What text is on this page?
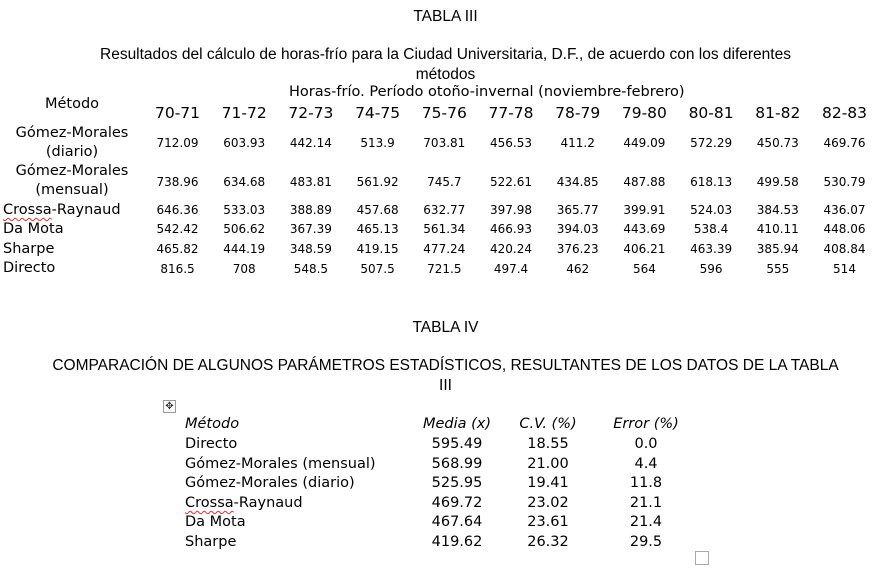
TABLA III
Resultados del cálculo de horas-frío para la Ciudad Universitaria, D.F., de acuerdo con los diferentes
métodos
Horas-frío. Período otoño-invernal (noviembre-febrero)
Método	70-71	71-72	72-73	74-75	75-76	77-78	78-79	79-80	80-81	81-82	82-83
Gómez-Morales
(diario)
712.09	603.93	442.14	513.9	703.81	456.53	411.2	449.09	572.29	450.73	469.76
Gómez-Morales
(mensual)	738.96	634.68	483.81	561.92	745.7	522.61	434.85	487.88	618.13	499.58	530.79
Crossa-Raynaud	646.36	533.03	388.89	457.68	632.77	397.98	365.77	399.91	524.03	384.53	436.07
Da Mota	542.42	506.62	367.39	465.13	561.34	466.93	394.03	443.69	538.4	410.11	448.06
Sharpe	465.82	444.19	348.59	419.15	477.24	420.24	376.23	406.21	463.39	385.94	408.84
Directo	816.5	708	548.5	507.5	721.5	497.4	462	564	596	555	514
TABLA IV
COMPARACIÓN DE ALGUNOS PARÁMETROS ESTADÍSTICOS, RESULTANTES DE LOS DATOS DE LA TABLA
III
✥
Método	Media (x)	C.V. (%)	Error (%)
Directo	595.49	18.55	0.0
Gómez-Morales (mensual)	568.99	21.00	4.4
Gómez-Morales (diario)	525.95	19.41	11.8
Crossa-Raynaud	469.72	23.02	21.1
Da Mota	467.64	23.61	21.4
Sharpe	419.62	26.32	29.5
